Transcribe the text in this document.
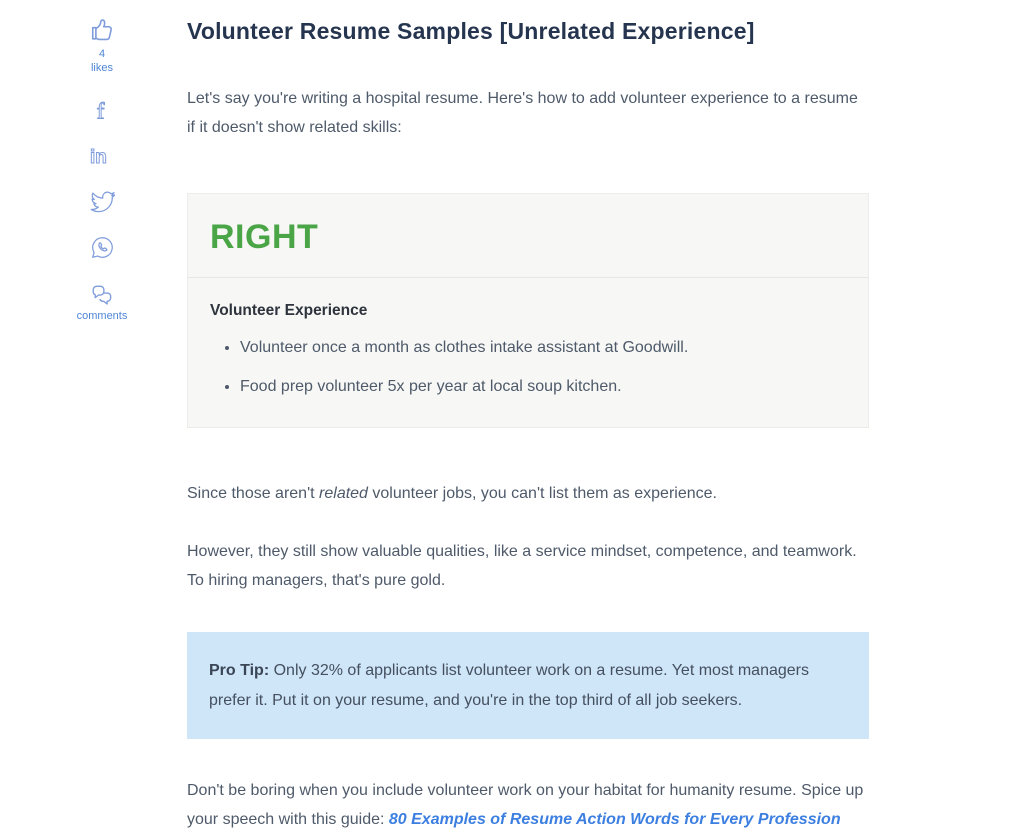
4
likes
f
in
comments
Volunteer Resume Samples [Unrelated Experience]

Let's say you're writing a hospital resume. Here's how to add volunteer experience to a resume if it doesn't show related skills:

RIGHT
Volunteer Experience
• Volunteer once a month as clothes intake assistant at Goodwill.
• Food prep volunteer 5x per year at local soup kitchen.

Since those aren't related volunteer jobs, you can't list them as experience.

However, they still show valuable qualities, like a service mindset, competence, and teamwork. To hiring managers, that's pure gold.

Pro Tip: Only 32% of applicants list volunteer work on a resume. Yet most managers prefer it. Put it on your resume, and you're in the top third of all job seekers.

Don't be boring when you include volunteer work on your habitat for humanity resume. Spice up your speech with this guide: 80 Examples of Resume Action Words for Every Profession
